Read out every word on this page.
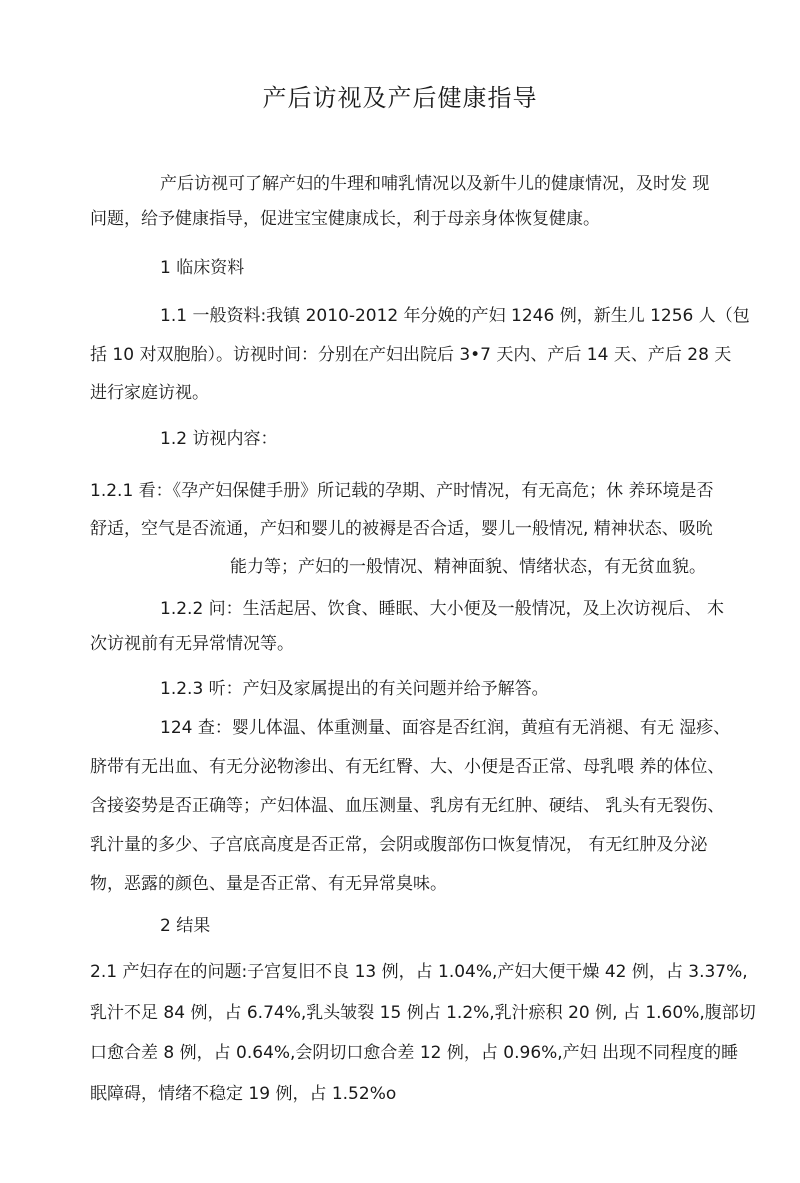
产后访视及产后健康指导
产后访视可了解产妇的牛理和哺乳情况以及新牛儿的健康情况，及时发 现
问题，给予健康指导，促进宝宝健康成长，利于母亲身体恢复健康。
1 临床资料
1.1 一般资料:我镇 2010-2012 年分娩的产妇 1246 例，新生儿 1256 人（包
括 10 对双胞胎）。访视时间：分别在产妇出院后 3•7 天内、产后 14 天、产后 28 天
进行家庭访视。
1.2 访视内容：
1.2.1 看：《孕产妇保健手册》所记载的孕期、产时情况，有无高危；休 养环境是否
舒适，空气是否流通，产妇和婴儿的被褥是否合适，婴儿一般情况, 精神状态、吸吮
能力等；产妇的一般情况、精神面貌、情绪状态，有无贫血貌。
1.2.2 问：生活起居、饮食、睡眠、大小便及一般情况，及上次访视后、 木
次访视前有无异常情况等。
1.2.3 听：产妇及家属提出的有关问题并给予解答。
124 查：婴儿体温、体重测量、面容是否红润，黄疸有无消褪、有无 湿疹、
脐带有无出血、有无分泌物渗出、有无红臀、大、小便是否正常、母乳喂 养的体位、
含接姿势是否正确等；产妇体温、血压测量、乳房有无红肿、硬结、 乳头有无裂伤、
乳汁量的多少、子宫底高度是否正常，会阴或腹部伤口恢复情况， 有无红肿及分泌
物，恶露的颜色、量是否正常、有无异常臭味。
2 结果
2.1 产妇存在的问题:子宫复旧不良 13 例，占 1.04%,产妇大便干燥 42 例，占 3.37%,
乳汁不足 84 例，占 6.74%,乳头皱裂 15 例占 1.2%,乳汁瘀积 20 例, 占 1.60%,腹部切
口愈合差 8 例，占 0.64%,会阴切口愈合差 12 例，占 0.96%,产妇 出现不同程度的睡
眠障碍，情绪不稳定 19 例，占 1.52%o
